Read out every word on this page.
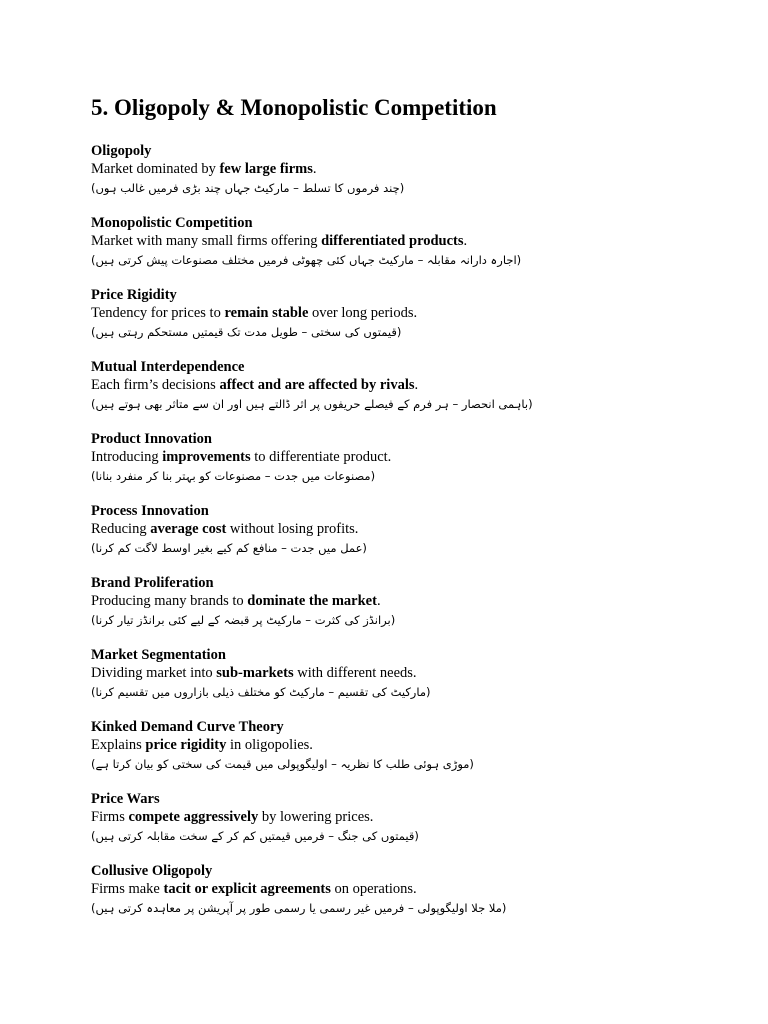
5. Oligopoly & Monopolistic Competition
Oligopoly
Market dominated by few large firms.
(چند فرموں کا تسلط – مارکیٹ جہاں چند بڑی فرمیں غالب ہوں)
Monopolistic Competition
Market with many small firms offering differentiated products.
(اجارہ دارانہ مقابلہ – مارکیٹ جہاں کئی چھوٹی فرمیں مختلف مصنوعات پیش کرتی ہیں)
Price Rigidity
Tendency for prices to remain stable over long periods.
(قیمتوں کی سختی – طویل مدت تک قیمتیں مستحکم رہتی ہیں)
Mutual Interdependence
Each firm’s decisions affect and are affected by rivals.
(باہمی انحصار – ہر فرم کے فیصلے حریفوں پر اثر ڈالتے ہیں اور ان سے متاثر بھی ہوتے ہیں)
Product Innovation
Introducing improvements to differentiate product.
(مصنوعات میں جدت – مصنوعات کو بہتر بنا کر منفرد بنانا)
Process Innovation
Reducing average cost without losing profits.
(عمل میں جدت – منافع کم کیے بغیر اوسط لاگت کم کرنا)
Brand Proliferation
Producing many brands to dominate the market.
(برانڈز کی کثرت – مارکیٹ پر قبضہ کے لیے کئی برانڈز تیار کرنا)
Market Segmentation
Dividing market into sub-markets with different needs.
(مارکیٹ کی تقسیم – مارکیٹ کو مختلف ذیلی بازاروں میں تقسیم کرنا)
Kinked Demand Curve Theory
Explains price rigidity in oligopolies.
(موڑی ہوئی طلب کا نظریہ – اولیگوپولی میں قیمت کی سختی کو بیان کرتا ہے)
Price Wars
Firms compete aggressively by lowering prices.
(قیمتوں کی جنگ – فرمیں قیمتیں کم کر کے سخت مقابلہ کرتی ہیں)
Collusive Oligopoly
Firms make tacit or explicit agreements on operations.
(ملا جلا اولیگوپولی – فرمیں غیر رسمی یا رسمی طور پر آپریشن پر معاہدہ کرتی ہیں)
